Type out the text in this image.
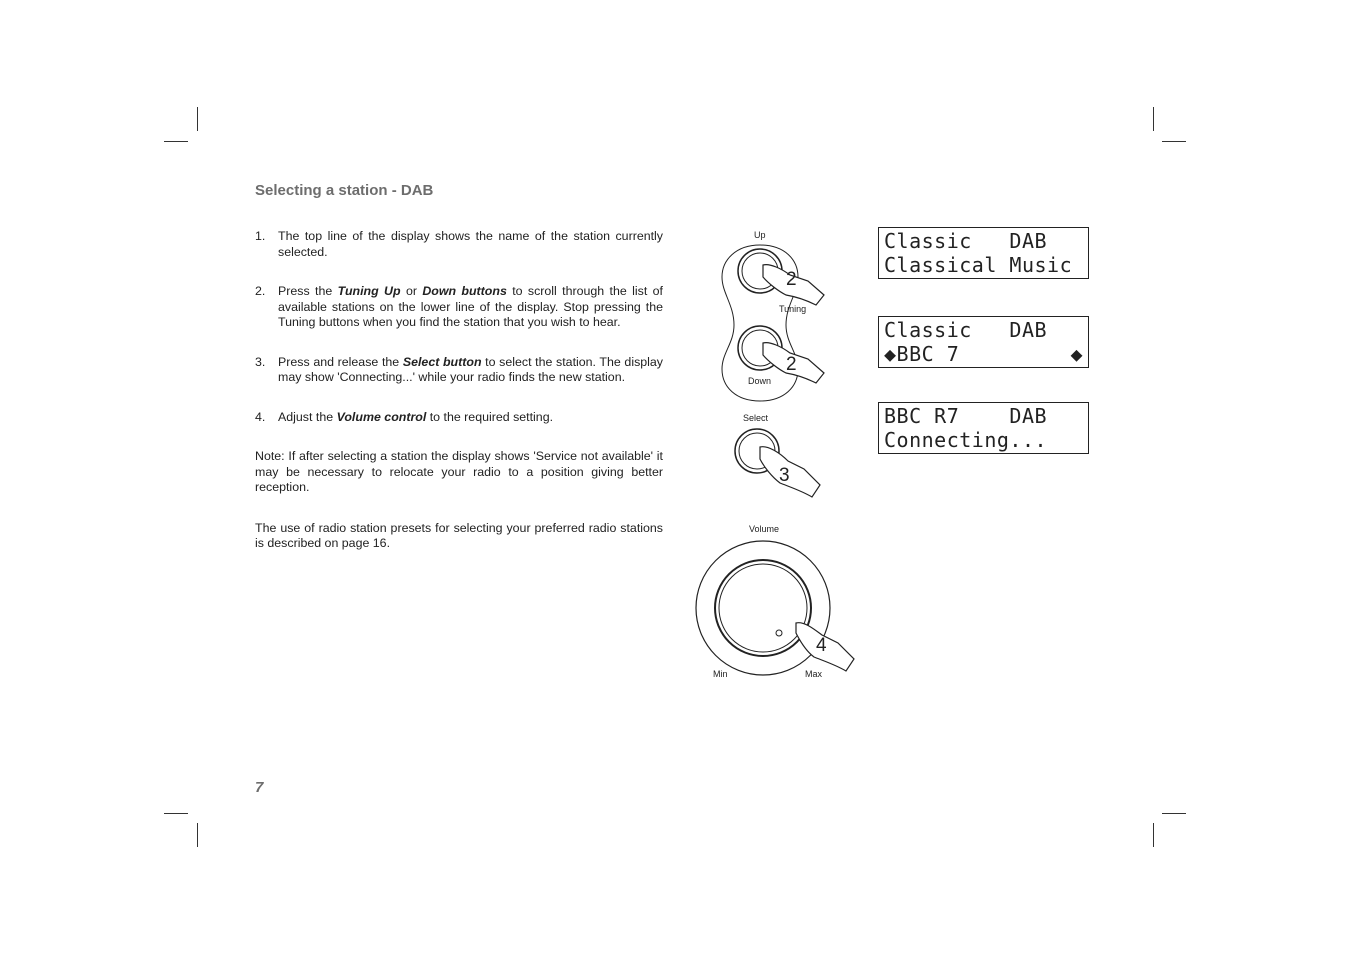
Selecting a station - DAB
1.	The top line of the display shows the name of the station currently selected.
2.	Press the Tuning Up or Down buttons to scroll through the list of available stations on the lower line of the display. Stop pressing the Tuning buttons when you find the station that you wish to hear.
3.	Press and release the Select button to select the station. The display may show 'Connecting...' while your radio finds the new station.
4.	Adjust the Volume control to the required setting.
Note: If after selecting a station the display shows 'Service not available' it may be necessary to relocate your radio to a position giving better reception.
The use of radio station presets for selecting your preferred radio stations is described on page 16.
Up
Tuning
Down
2
2
Select
3
Volume
4
Min	Max
Classic   DAB
Classical Music
Classic   DAB
◆BBC 7	◆
BBC R7    DAB
Connecting...
7
